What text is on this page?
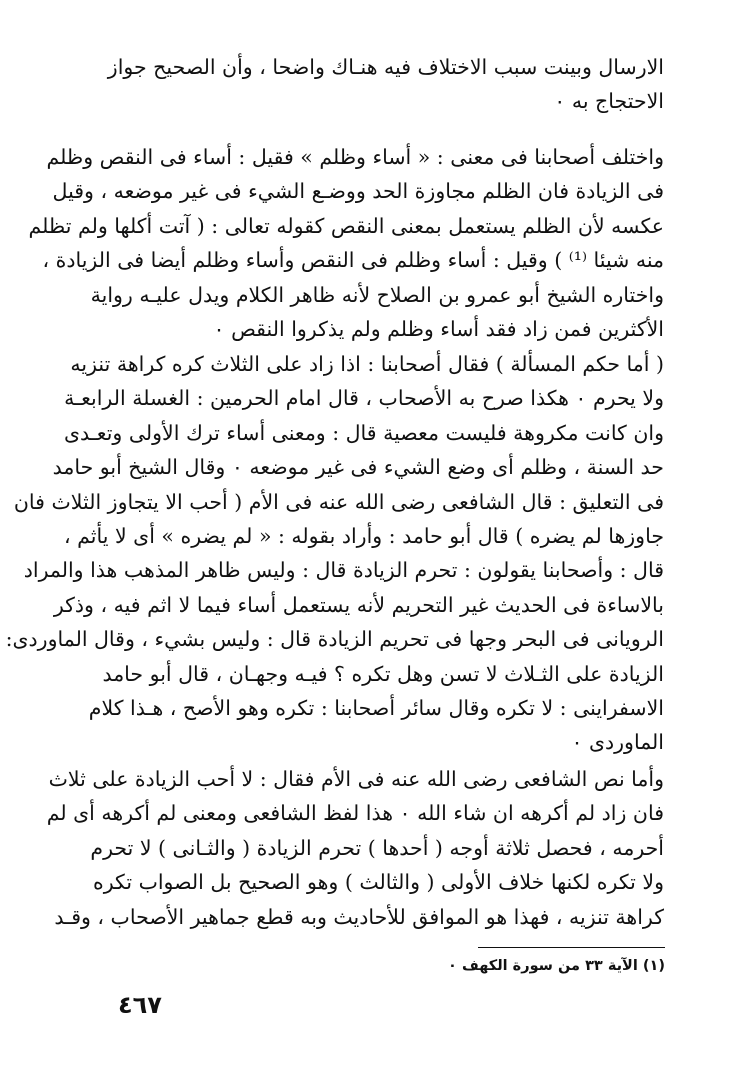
الارسال وبينت سبب الاختلاف فيه هنـاك واضحا ، وأن الصحيح جواز
الاحتجاج به ٠
واختلف أصحابنا فى معنى : « أساء وظلم » فقيل : أساء فى النقص وظلم
فى الزيادة فان الظلم مجاوزة الحد ووضـع الشيء فى غير موضعه ، وقيل
عكسه لأن الظلم يستعمل بمعنى النقص كقوله تعالى : ( آتت أكلها ولم تظلم
منه شيئا ⁽¹⁾ ) وقيل : أساء وظلم فى النقص وأساء وظلم أيضا فى الزيادة ،
واختاره الشيخ أبو عمرو بن الصلاح لأنه ظاهر الكلام ويدل عليـه رواية
الأكثرين فمن زاد فقد أساء وظلم ولم يذكروا النقص ٠
( أما حكم المسألة ) فقال أصحابنا : اذا زاد على الثلاث كره كراهة تنزيه
ولا يحرم ٠ هكذا صرح به الأصحاب ، قال امام الحرمين : الغسلة الرابعـة
وان كانت مكروهة فليست معصية قال : ومعنى أساء ترك الأولى وتعـدى
حد السنة ، وظلم أى وضع الشيء فى غير موضعه ٠ وقال الشيخ أبو حامد
فى التعليق : قال الشافعى رضى الله عنه فى الأم ( أحب الا يتجاوز الثلاث فان
جاوزها لم يضره ) قال أبو حامد : وأراد بقوله : « لم يضره » أى لا يأثم ،
قال : وأصحابنا يقولون : تحرم الزيادة قال : وليس ظاهر المذهب هذا والمراد
بالاساءة فى الحديث غير التحريم لأنه يستعمل أساء فيما لا اثم فيه ، وذكر
الرويانى فى البحر وجها فى تحريم الزيادة قال : وليس بشيء ، وقال الماوردى:
الزيادة على الثـلاث لا تسن وهل تكره ؟ فيـه وجهـان ، قال أبو حامد
الاسفراينى : لا تكره وقال سائر أصحابنا : تكره وهو الأصح ، هـذا كلام
الماوردى ٠
وأما نص الشافعى رضى الله عنه فى الأم فقال : لا أحب الزيادة على ثلاث
فان زاد لم أكرهه ان شاء الله ٠ هذا لفظ الشافعى ومعنى لم أكرهه أى لم
أحرمه ، فحصل ثلاثة أوجه ( أحدها ) تحرم الزيادة ( والثـانى ) لا تحرم
ولا تكره لكنها خلاف الأولى ( والثالث ) وهو الصحيح بل الصواب تكره
كراهة تنزيه ، فهذا هو الموافق للأحاديث وبه قطع جماهير الأصحاب ، وقـد
(١) الآية ٣٣ من سورة الكهف ٠
٤٦٧
